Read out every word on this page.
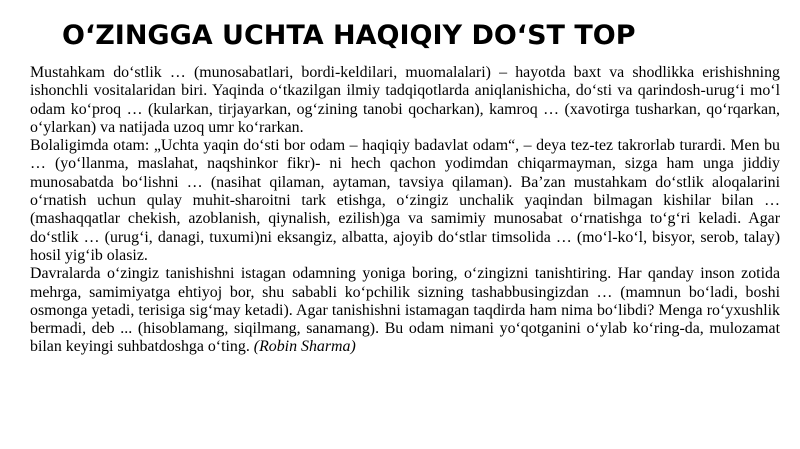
O‘ZINGGA UCHTA HAQIQIY DO‘ST TOP

Mustahkam do‘stlik … (munosabatlari, bordi-keldilari, muomalalari) – hayotda baxt va shodlikka erishishning ishonchli vositalaridan biri. Yaqinda o‘tkazilgan ilmiy tadqiqotlarda aniqlanishicha, do‘sti va qarindosh-urug‘i mo‘l odam ko‘proq … (kularkan, tirjayarkan, og‘zining tanobi qocharkan), kamroq … (xavotirga tusharkan, qo‘rqarkan, o‘ylarkan) va natijada uzoq umr ko‘rarkan.

Bolaligimda otam: „Uchta yaqin do‘sti bor odam – haqiqiy badavlat odam“, – deya tez-tez takrorlab turardi. Men bu … (yo‘llanma, maslahat, naqshinkor fikr)- ni hech qachon yodimdan chiqarmayman, sizga ham unga jiddiy munosabatda bo‘lishni … (nasihat qilaman, aytaman, tavsiya qilaman). Ba’zan mustahkam do‘stlik aloqalarini o‘rnatish uchun qulay muhit-sharoitni tark etishga, o‘zingiz unchalik yaqindan bilmagan kishilar bilan … (mashaqqatlar chekish, azoblanish, qiynalish, ezilish)ga va samimiy munosabat o‘rnatishga to‘g‘ri keladi. Agar do‘stlik … (urug‘i, danagi, tuxumi)ni eksangiz, albatta, ajoyib do‘stlar timsolida … (mo‘l-ko‘l, bisyor, serob, talay) hosil yig‘ib olasiz.

Davralarda o‘zingiz tanishishni istagan odamning yoniga boring, o‘zingizni tanishtiring. Har qanday inson zotida mehrga, samimiyatga ehtiyoj bor, shu sababli ko‘pchilik sizning tashabbusingizdan … (mamnun bo‘ladi, boshi osmonga yetadi, terisiga sig‘may ketadi). Agar tanishishni istamagan taqdirda ham nima bo‘libdi? Menga ro‘yxushlik bermadi, deb ... (hisoblamang, siqilmang, sanamang). Bu odam nimani yo‘qotganini o‘ylab ko‘ring-da, mulozamat bilan keyingi suhbatdoshga o‘ting. (Robin Sharma)
